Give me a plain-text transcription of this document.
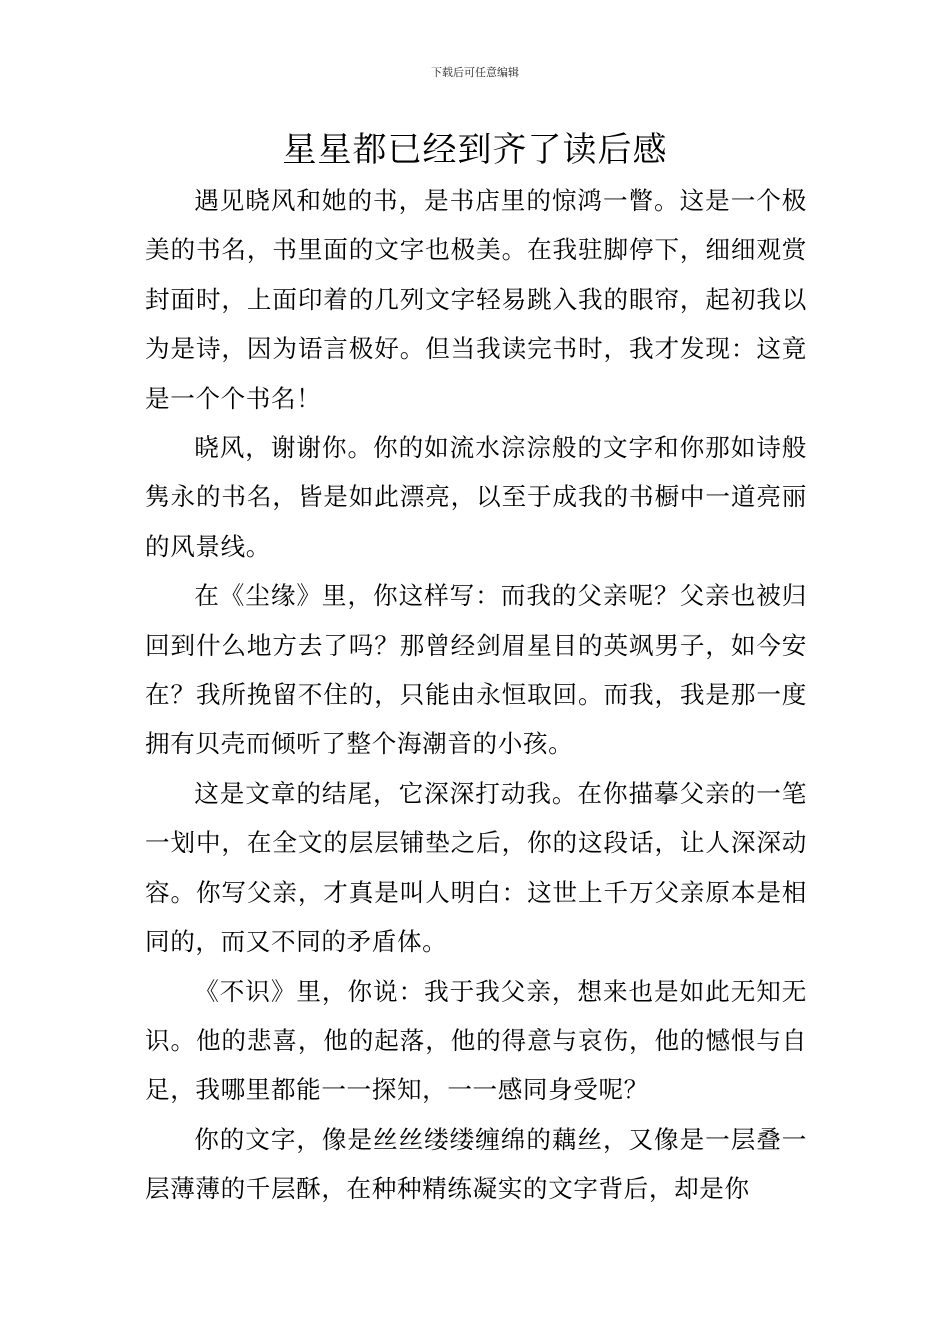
下载后可任意编辑
星星都已经到齐了读后感

遇见晓风和她的书，是书店里的惊鸿一瞥。这是一个极美的书名，书里面的文字也极美。在我驻脚停下，细细观赏封面时，上面印着的几列文字轻易跳入我的眼帘，起初我以为是诗，因为语言极好。但当我读完书时，我才发现：这竟是一个个书名！

晓风，谢谢你。你的如流水淙淙般的文字和你那如诗般隽永的书名，皆是如此漂亮，以至于成我的书橱中一道亮丽的风景线。

在《尘缘》里，你这样写：而我的父亲呢？父亲也被归回到什么地方去了吗？那曾经剑眉星目的英飒男子，如今安在？我所挽留不住的，只能由永恒取回。而我，我是那一度拥有贝壳而倾听了整个海潮音的小孩。

这是文章的结尾，它深深打动我。在你描摹父亲的一笔一划中，在全文的层层铺垫之后，你的这段话，让人深深动容。你写父亲，才真是叫人明白：这世上千万父亲原本是相同的，而又不同的矛盾体。

《不识》里，你说：我于我父亲，想来也是如此无知无识。他的悲喜，他的起落，他的得意与哀伤，他的憾恨与自足，我哪里都能一一探知，一一感同身受呢？

你的文字，像是丝丝缕缕缠绵的藕丝，又像是一层叠一层薄薄的千层酥，在种种精练凝实的文字背后，却是你
